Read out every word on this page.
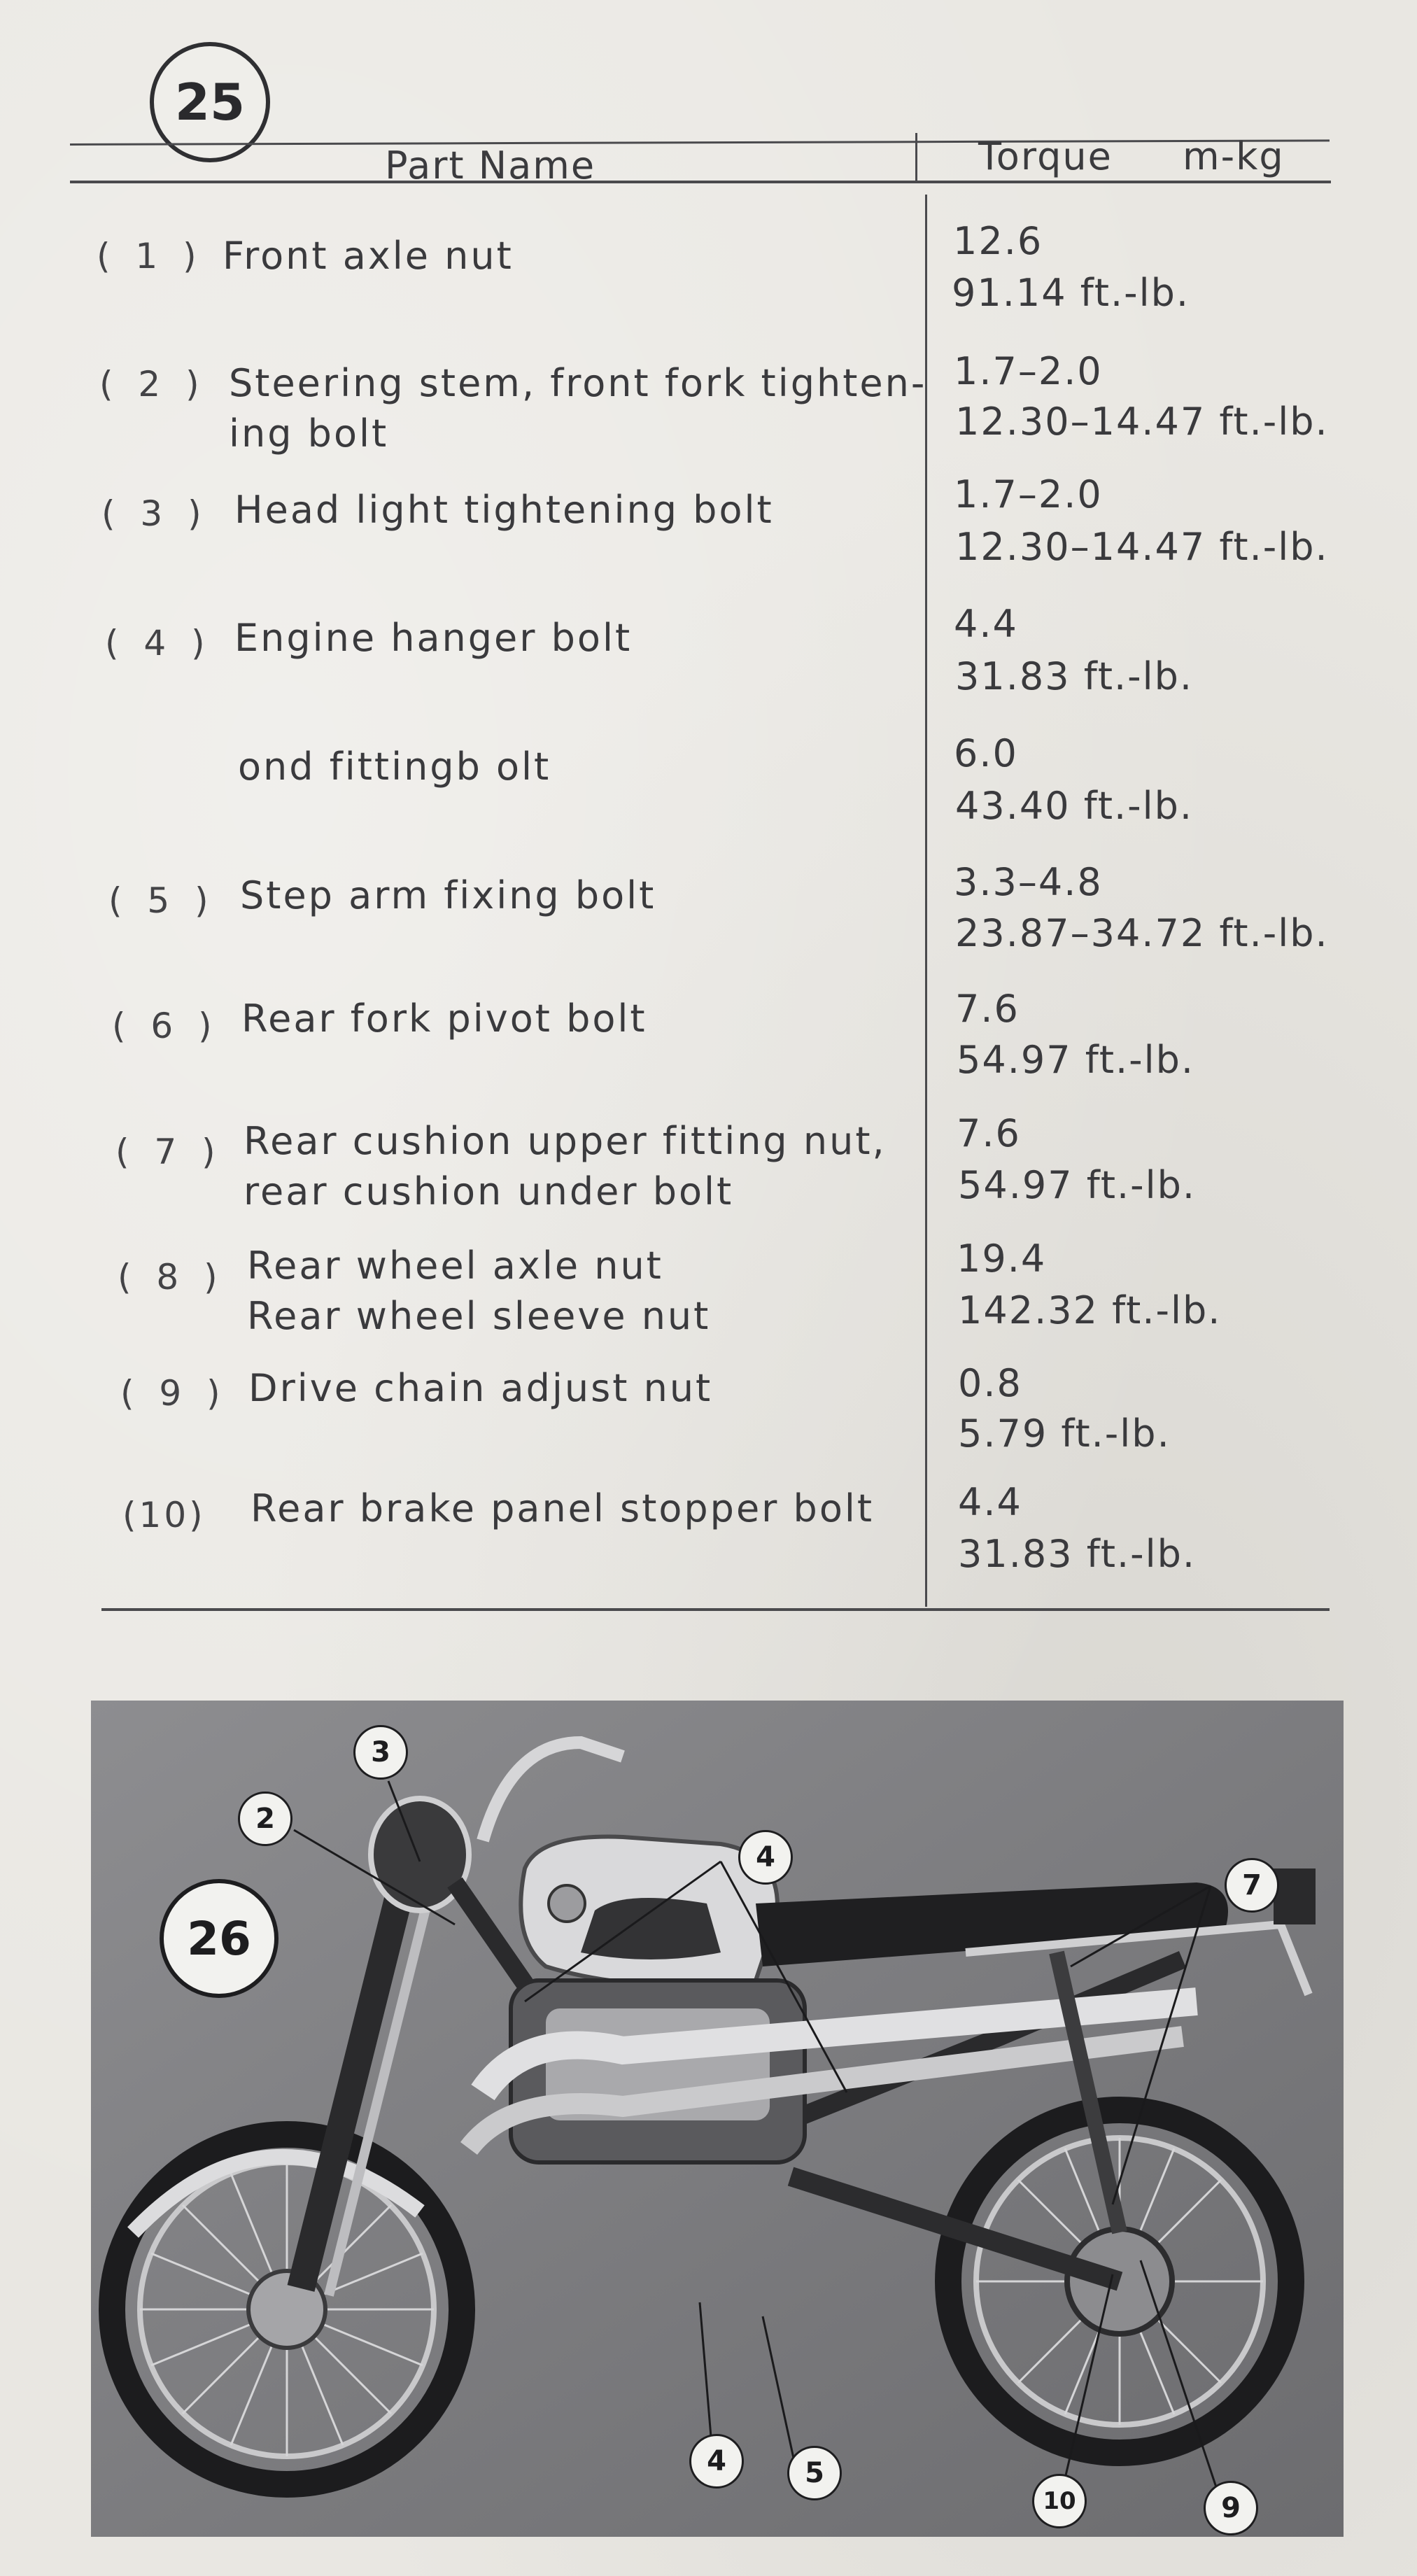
25
Part Name	Torque m-kg
( 1 ) Front axle nut	12.6
91.14 ft.-lb.
( 2 ) Steering stem, front fork tighten-
ing bolt
1.7–2.0
12.30–14.47 ft.-lb.
( 3 ) Head light tightening bolt	1.7–2.0
12.30–14.47 ft.-lb.
( 4 ) Engine hanger bolt	4.4
31.83 ft.-lb.
ond fittingb olt	6.0
43.40 ft.-lb.
( 5 ) Step arm fixing bolt	3.3–4.8
23.87–34.72 ft.-lb.
( 6 ) Rear fork pivot bolt	7.6
54.97 ft.-lb.
( 7 ) Rear cushion upper fitting nut,
rear cushion under bolt
7.6
54.97 ft.-lb.
( 8 ) Rear wheel axle nut
Rear wheel sleeve nut
19.4
142.32 ft.-lb.
( 9 ) Drive chain adjust nut	0.8
5.79 ft.-lb.
(10) Rear brake panel stopper bolt 4.4
31.83 ft.-lb.
2
3
4
7
4	5
10	9
26
